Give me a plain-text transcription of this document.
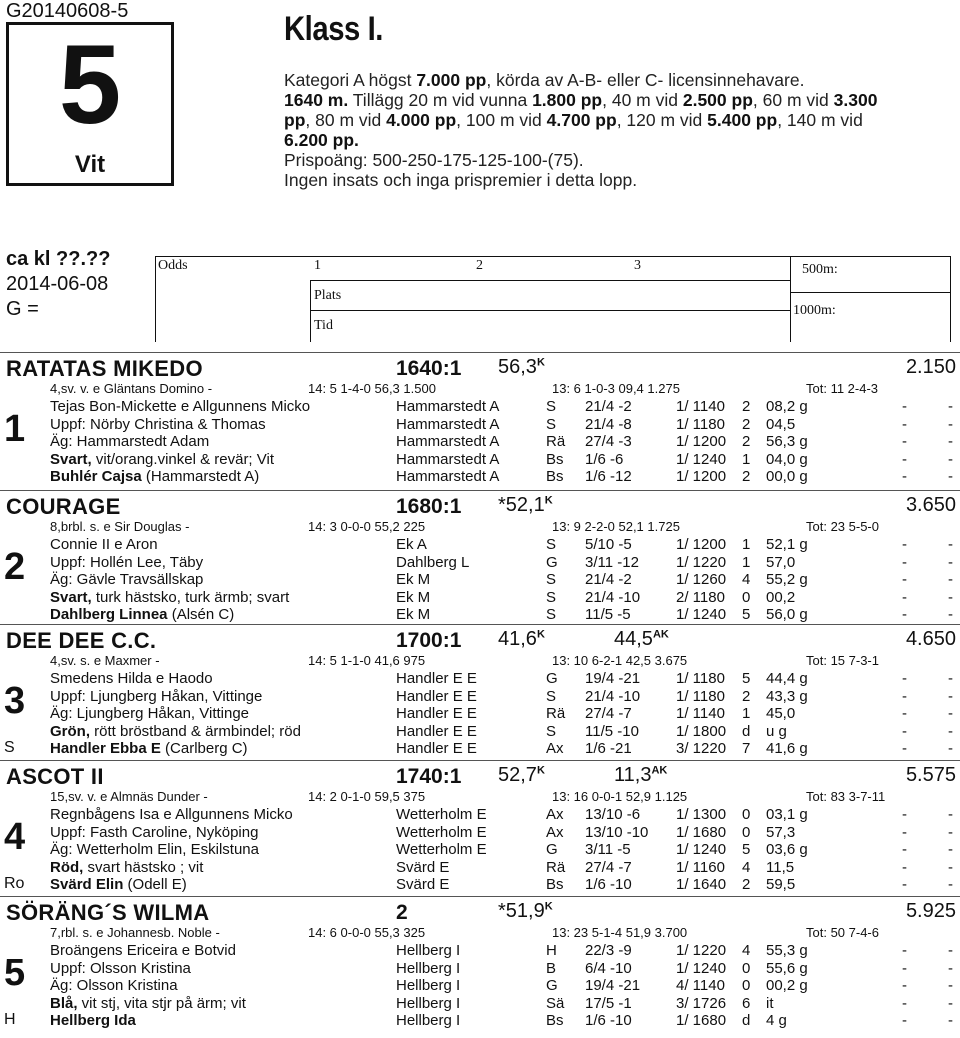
G20140608-5
5
Vit
Klass I.
Kategori A högst 7.000 pp, körda av A-B- eller C- licensinnehavare.
1640 m. Tillägg 20 m vid vunna 1.800 pp, 40 m vid 2.500 pp, 60 m vid 3.300
pp, 80 m vid 4.000 pp, 100 m vid 4.700 pp, 120 m vid 5.400 pp, 140 m vid
6.200 pp.
Prispoäng: 500-250-175-125-100-(75).
Ingen insats och inga prispremier i detta lopp.
ca kl ??.??
2014-06-08
G =
Odds	1	2	3
Plats
Tid
500m:
1000m:
RATATAS MIKEDO	1640:1 $56,3^K$	2.150
4,sv. v. e Gläntans Domino -	14: 5 1-4-0 56,3 1.500	13: 6 1-0-3 09,4 1.275	Tot: 11 2-4-3
1
Tejas Bon-Mickette e Allgunnens Micko	Hammarstedt A	S 21/4 -2	1/ 1140 2 08,2 g	-	-
Uppf: Nörby Christina & Thomas	Hammarstedt A	S 21/4 -8	1/ 1180 2 04,5	-	-
Äg: Hammarstedt Adam	Hammarstedt A	Rä 27/4 -3	1/ 1200 2 56,3 g	-	-
Svart, vit/orang.vinkel & revär; Vit	Hammarstedt A	Bs 1/6 -6	1/ 1240 1 04,0 g	-	-
Buhlér Cajsa (Hammarstedt A)	Hammarstedt A	Bs 1/6 -12	1/ 1200 2 00,0 g	-	-
COURAGE	1680:1 $*52,1^K$	3.650
8,brbl. s. e Sir Douglas -	14: 3 0-0-0 55,2 225	13: 9 2-2-0 52,1 1.725	Tot: 23 5-5-0
2
Connie II e Aron	Ek A	S 5/10 -5	1/ 1200 1 52,1 g	-	-
Uppf: Hollén Lee, Täby	Dahlberg L	G 3/11 -12 1/ 1220 1 57,0	-	-
Äg: Gävle Travsällskap	Ek M	S 21/4 -2	1/ 1260 4 55,2 g	-	-
Svart, turk hästsko, turk ärmb; svart	Ek M	S 21/4 -10 2/ 1180 0 00,2	-	-
Dahlberg Linnea (Alsén C)	Ek M	S 11/5 -5	1/ 1240 5 56,0 g	-	-
DEE DEE C.C.	1700:1 $41,6^K$	$44,5^{AK}$	4.650
4,sv. s. e Maxmer -	14: 5 1-1-0 41,6 975	13: 10 6-2-1 42,5 3.675	Tot: 15 7-3-1
3
S
Smedens Hilda e Haodo	Handler E E	G 19/4 -21 1/ 1180 5 44,4 g	-	-
Uppf: Ljungberg Håkan, Vittinge	Handler E E	S 21/4 -10 1/ 1180 2 43,3 g	-	-
Äg: Ljungberg Håkan, Vittinge	Handler E E	Rä 27/4 -7	1/ 1140 1 45,0	-	-
Grön, rött bröstband & ärmbindel; röd	Handler E E	S 11/5 -10 1/ 1800 d u g	-	-
Handler Ebba E (Carlberg C)	Handler E E	Ax 1/6 -21	3/ 1220 7 41,6 g	-	-
ASCOT II	1740:1 $52,7^K$	$11,3^{AK}$	5.575
15,sv. v. e Almnäs Dunder -	14: 2 0-1-0 59,5 375	13: 16 0-0-1 52,9 1.125	Tot: 83 3-7-11
4
Ro
Regnbågens Isa e Allgunnens Micko	Wetterholm E	Ax 13/10 -6 1/ 1300 0 03,1 g	-	-
Uppf: Fasth Caroline, Nyköping	Wetterholm E	Ax 13/10 -10 1/ 1680 0 57,3	-	-
Äg: Wetterholm Elin, Eskilstuna	Wetterholm E	G 3/11 -5	1/ 1240 5 03,6 g	-	-
Röd, svart hästsko ; vit	Svärd E	Rä 27/4 -7	1/ 1160 4 11,5	-	-
Svärd Elin (Odell E)	Svärd E	Bs 1/6 -10	1/ 1640 2 59,5	-	-
SÖRÄNG´S WILMA	2	$*51,9^K$	5.925
7,rbl. s. e Johannesb. Noble -	14: 6 0-0-0 55,3 325	13: 23 5-1-4 51,9 3.700	Tot: 50 7-4-6
5
H
Broängens Ericeira e Botvid	Hellberg I	H 22/3 -9	1/ 1220 4 55,3 g	-	-
Uppf: Olsson Kristina	Hellberg I	B 6/4 -10	1/ 1240 0 55,6 g	-	-
Äg: Olsson Kristina	Hellberg I	G 19/4 -21 4/ 1140 0 00,2 g	-	-
Blå, vit stj, vita stjr på ärm; vit	Hellberg I	Sä 17/5 -1	3/ 1726 6 it	-	-
Hellberg Ida	Hellberg I	Bs 1/6 -10	1/ 1680 d 4 g	-	-
